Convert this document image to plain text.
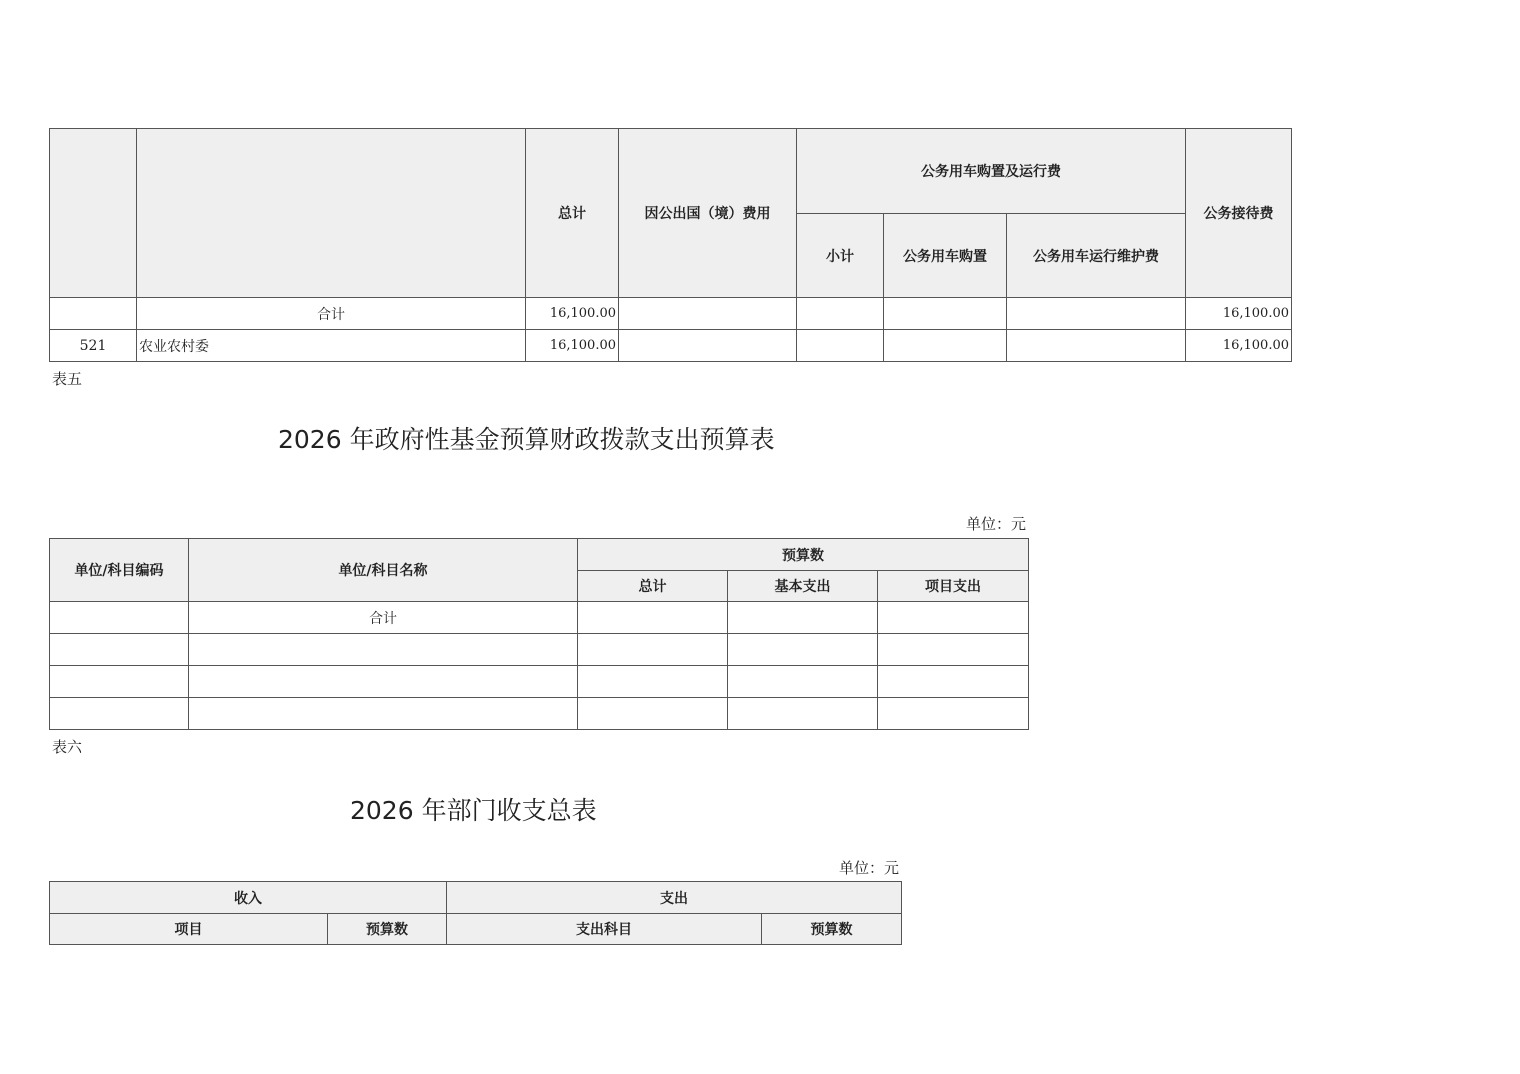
		总计	因公出国（境）费用	公务用车购置及运行费			公务接待费
				小计	公务用车购置	公务用车运行维护费	
	合计	16,100.00					16,100.00
521	农业农村委	16,100.00					16,100.00
表五
2026 年政府性基金预算财政拨款支出预算表
单位：元
单位/科目编码	单位/科目名称	预算数		
		总计	基本支出	项目支出
	合计			

表六
2026 年部门收支总表
单位：元
收入		支出	
项目	预算数	支出科目	预算数
